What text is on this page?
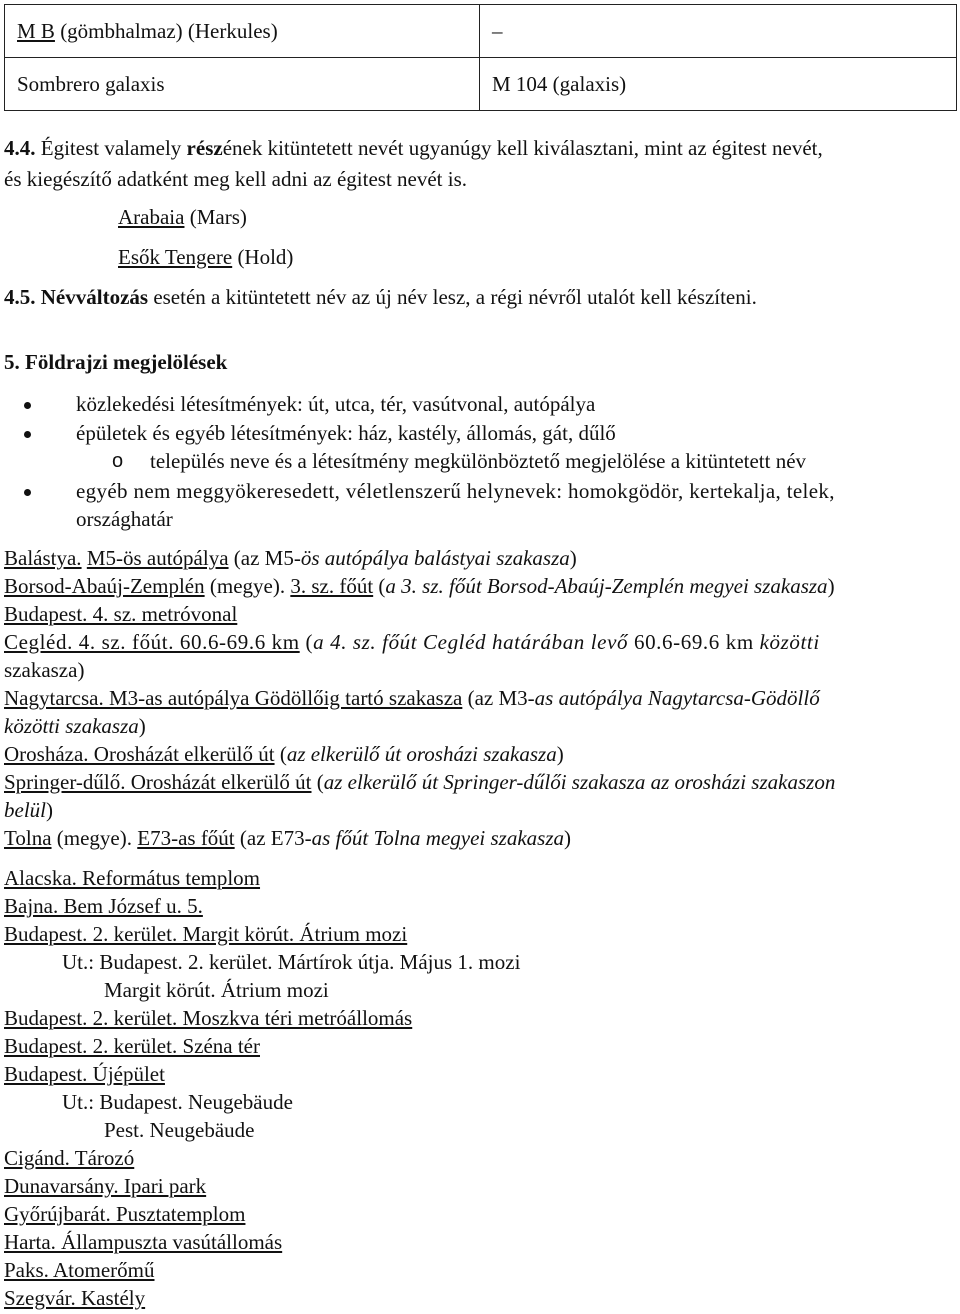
M B (gömbhalmaz) (Herkules)	–
Sombrero galaxis	M 104 (galaxis)
4.4. Égitest valamely részének kitüntetett nevét ugyanúgy kell kiválasztani, mint az égitest nevét,
és kiegészítő adatként meg kell adni az égitest nevét is.
Arabaia (Mars)
Esők Tengere (Hold)
4.5. Névváltozás esetén a kitüntetett név az új név lesz, a régi névről utalót kell készíteni.
5. Földrajzi megjelölések
közlekedési létesítmények: út, utca, tér, vasútvonal, autópálya
épületek és egyéb létesítmények: ház, kastély, állomás, gát, dűlő
o település neve és a létesítmény megkülönböztető megjelölése a kitüntetett név
egyéb nem meggyökeresedett, véletlenszerű helynevek: homokgödör, kertekalja, telek,
országhatár
Balástya. M5-ös autópálya (az M5-ös autópálya balástyai szakasza)
Borsod-Abaúj-Zemplén (megye). 3. sz. főút (a 3. sz. főút Borsod-Abaúj-Zemplén megyei szakasza)
Budapest. 4. sz. metróvonal
Cegléd. 4. sz. főút. 60.6-69.6 km (a 4. sz. főút Cegléd határában levő 60.6-69.6 km közötti
szakasza)
Nagytarcsa. M3-as autópálya Gödöllőig tartó szakasza (az M3-as autópálya Nagytarcsa-Gödöllő
közötti szakasza)
Orosháza. Orosházát elkerülő út (az elkerülő út orosházi szakasza)
Springer-dűlő. Orosházát elkerülő út (az elkerülő út Springer-dűlői szakasza az orosházi szakaszon
belül)
Tolna (megye). E73-as főút (az E73-as főút Tolna megyei szakasza)
Alacska. Református templom
Bajna. Bem József u. 5.
Budapest. 2. kerület. Margit körút. Átrium mozi
Ut.: Budapest. 2. kerület. Mártírok útja. Május 1. mozi
Margit körút. Átrium mozi
Budapest. 2. kerület. Moszkva téri metróállomás
Budapest. 2. kerület. Széna tér
Budapest. Újépület
Ut.: Budapest. Neugebäude
Pest. Neugebäude
Cigánd. Tározó
Dunavarsány. Ipari park
Győrújbarát. Pusztatemplom
Harta. Állampuszta vasútállomás
Paks. Atomerőmű
Szegvár. Kastély
